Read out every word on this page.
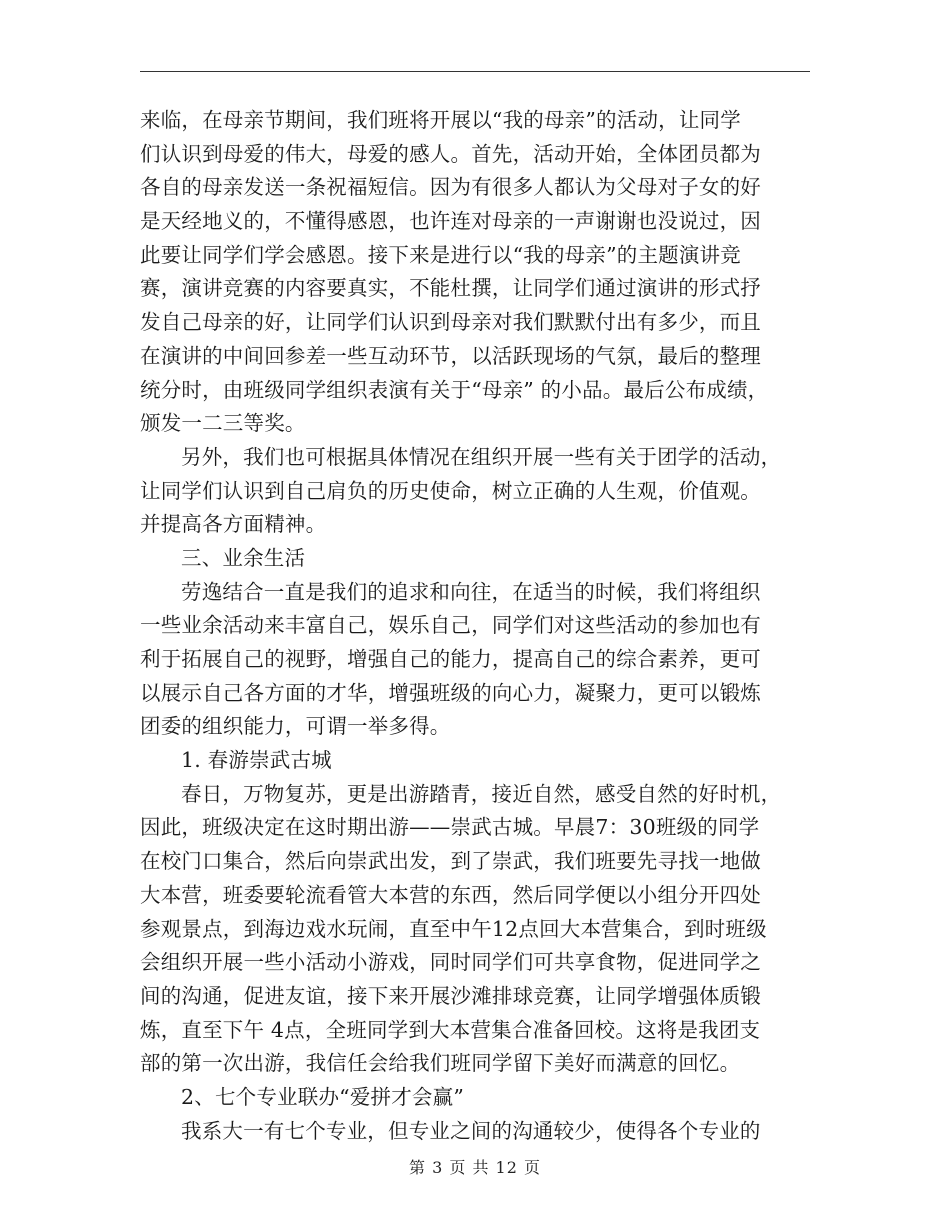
来临，在母亲节期间，我们班将开展以“我的母亲”的活动，让同学
们认识到母爱的伟大，母爱的感人。首先，活动开始，全体团员都为
各自的母亲发送一条祝福短信。因为有很多人都认为父母对子女的好
是天经地义的，不懂得感恩，也许连对母亲的一声谢谢也没说过，因
此要让同学们学会感恩。接下来是进行以“我的母亲”的主题演讲竞
赛，演讲竞赛的内容要真实，不能杜撰，让同学们通过演讲的形式抒
发自己母亲的好，让同学们认识到母亲对我们默默付出有多少，而且
在演讲的中间回参差一些互动环节，以活跃现场的气氛，最后的整理
统分时，由班级同学组织表演有关于“母亲” 的小品。最后公布成绩，
颁发一二三等奖。
另外，我们也可根据具体情况在组织开展一些有关于团学的活动，
让同学们认识到自己肩负的历史使命，树立正确的人生观，价值观。
并提高各方面精神。
三、业余生活
劳逸结合一直是我们的追求和向往，在适当的时候，我们将组织
一些业余活动来丰富自己，娱乐自己，同学们对这些活动的参加也有
利于拓展自己的视野，增强自己的能力，提高自己的综合素养，更可
以展示自己各方面的才华，增强班级的向心力，凝聚力，更可以锻炼
团委的组织能力，可谓一举多得。
1. 春游崇武古城
春日，万物复苏，更是出游踏青，接近自然，感受自然的好时机，
因此，班级决定在这时期出游——崇武古城。早晨7：30班级的同学
在校门口集合，然后向崇武出发，到了崇武，我们班要先寻找一地做
大本营，班委要轮流看管大本营的东西，然后同学便以小组分开四处
参观景点，到海边戏水玩闹，直至中午12点回大本营集合，到时班级
会组织开展一些小活动小游戏，同时同学们可共享食物，促进同学之
间的沟通，促进友谊，接下来开展沙滩排球竞赛，让同学增强体质锻
炼，直至下午 4点，全班同学到大本营集合准备回校。这将是我团支
部的第一次出游，我信任会给我们班同学留下美好而满意的回忆。
2、七个专业联办“爱拼才会赢”
我系大一有七个专业，但专业之间的沟通较少，使得各个专业的
第 3 页 共 12 页
